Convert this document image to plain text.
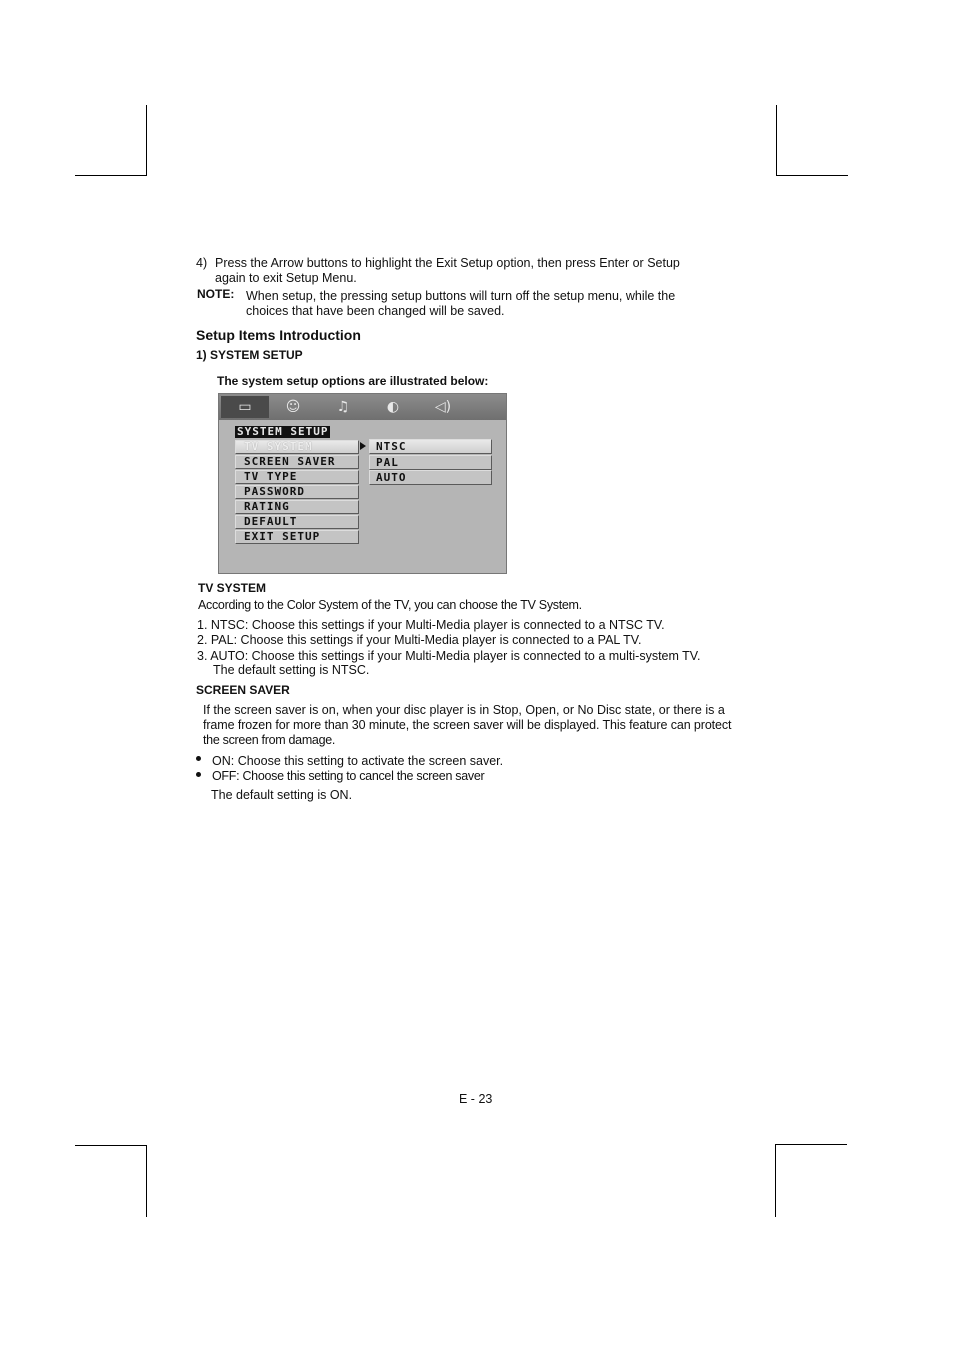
4) Press the Arrow buttons to highlight the Exit Setup option, then press Enter or Setup
again to exit Setup Menu.
NOTE: When setup, the pressing setup buttons will turn off the setup menu, while the
choices that have been changed will be saved.
Setup Items Introduction
1) SYSTEM SETUP
The system setup options are illustrated below:
▭	☺	♫	◐	◁)
SYSTEM SETUP
TV SYSTEM
SCREEN SAVER
TV TYPE
PASSWORD
RATING
DEFAULT
EXIT SETUP
NTSC
PAL
AUTO
TV SYSTEM
According to the Color System of the TV, you can choose the TV System.
1. NTSC: Choose this settings if your Multi-Media player is connected to a NTSC TV.
2. PAL: Choose this settings if your Multi-Media player is connected to a PAL TV.
3. AUTO: Choose this settings if your Multi-Media player is connected to a multi-system TV.
The default setting is NTSC.
SCREEN SAVER
If the screen saver is on, when your disc player is in Stop, Open, or No Disc state, or there is a
frame frozen for more than 30 minute, the screen saver will be displayed. This feature can protect
the screen from damage.
ON: Choose this setting to activate the screen saver.
OFF: Choose this setting to cancel the screen saver
The default setting is ON.
E - 23
